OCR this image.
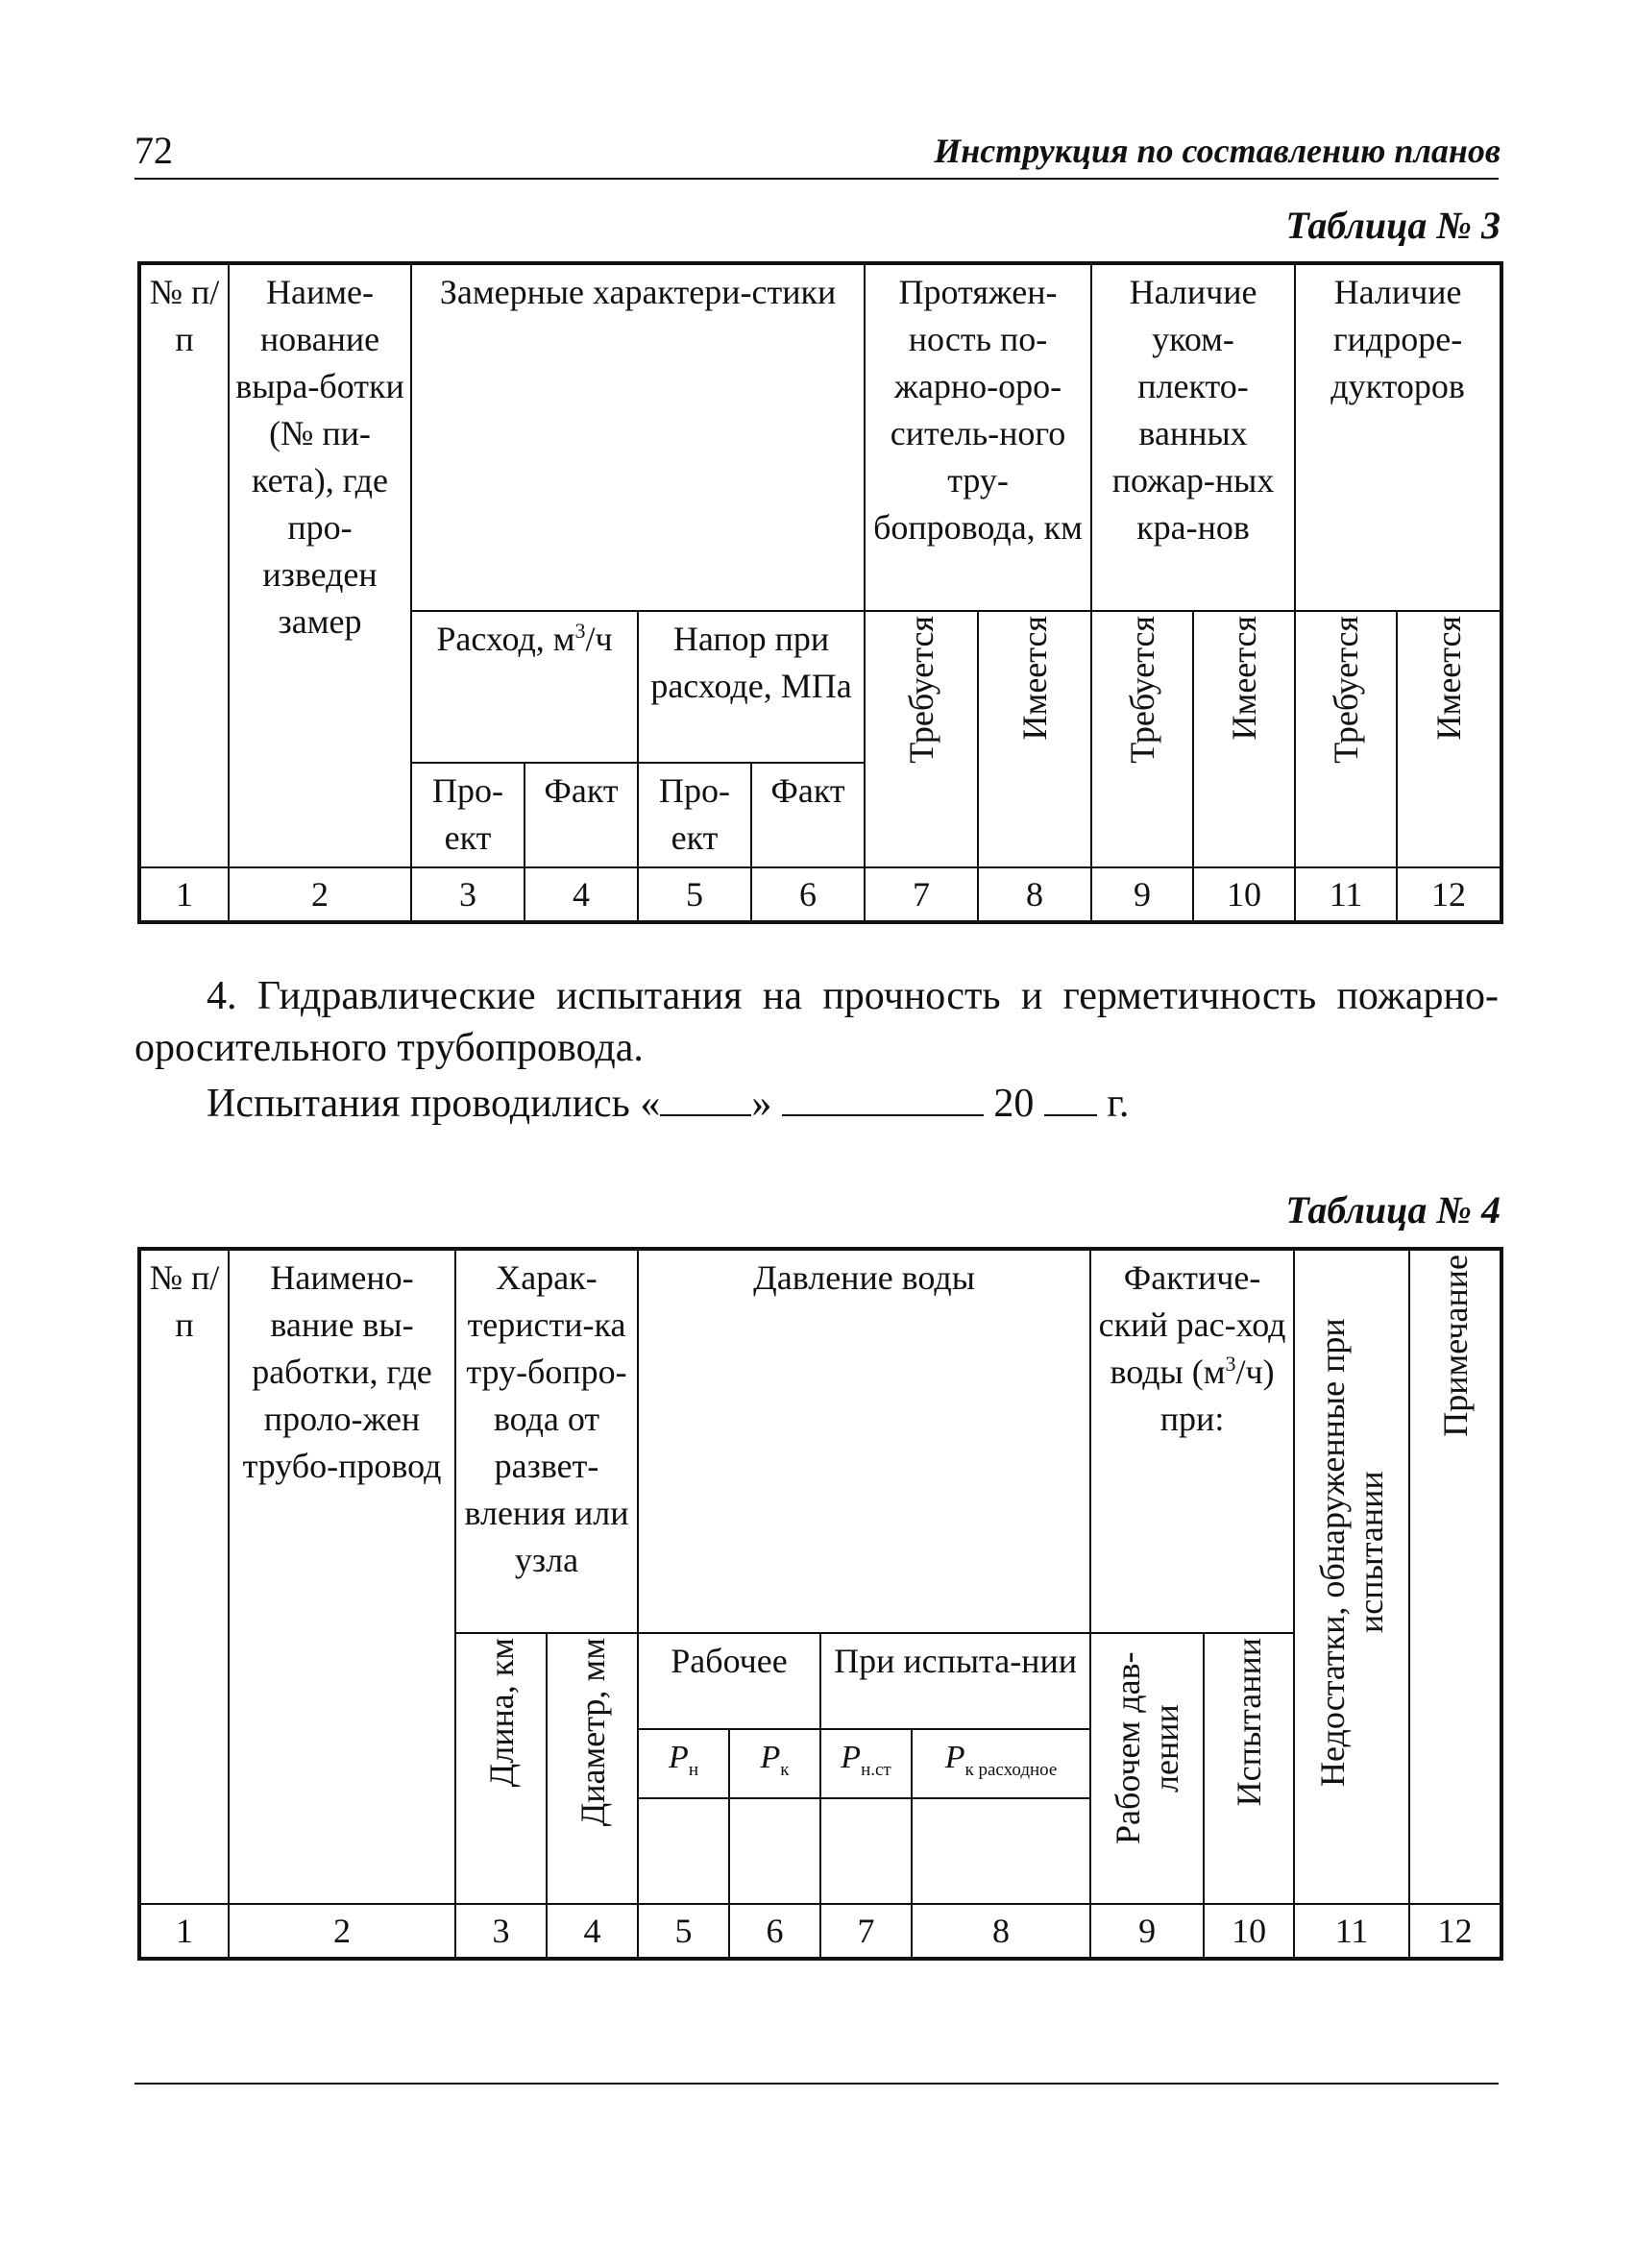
72	Инструкция по составлению планов
Таблица № 3
№ п/п	Наиме-нование выра-ботки (№ пи-кета), где про-изведен замер	Замерные характери-стики				Протяжен-ность по-жарно-ороситель-ного тру-бопровода, км		Наличие уком-плекто-ванных пожар-ных кра-нов		Наличие гидроре-дукторов	
		Расход, $м^3/ч$		Напор при расходе, МПа		Требуется	Имеется	Требуется	Имеется	Требуется	Имеется
		Про-ект	Факт	Про-ект	Факт						
1	2	3	4	5	6	7	8	9	10	11	12
4. Гидравлические испытания на прочность и герметичность пожарно-оросительного трубопровода.
Испытания проводились « »	20 г.
Таблица № 4
№ п/п	Наимено-вание вы-работки, где проло-жен трубо-провод	Харак-теристи-ка тру-бопро-вода от развет-вления или узла		Давление воды				Фактиче-ский рас-ход воды $(м^3/ч)$ при:		Недостатки, обнаруженные при испытании	Примечание
		Длина, км	Диаметр, мм	Рабочее		При испыта-нии		Рабочем дав-лении	Испытании		
				$P_н$	$P_к$	$P_{н.ст}$	$P_{к расходное}$

1	2	3	4	5	6	7	8	9	10	11	12
